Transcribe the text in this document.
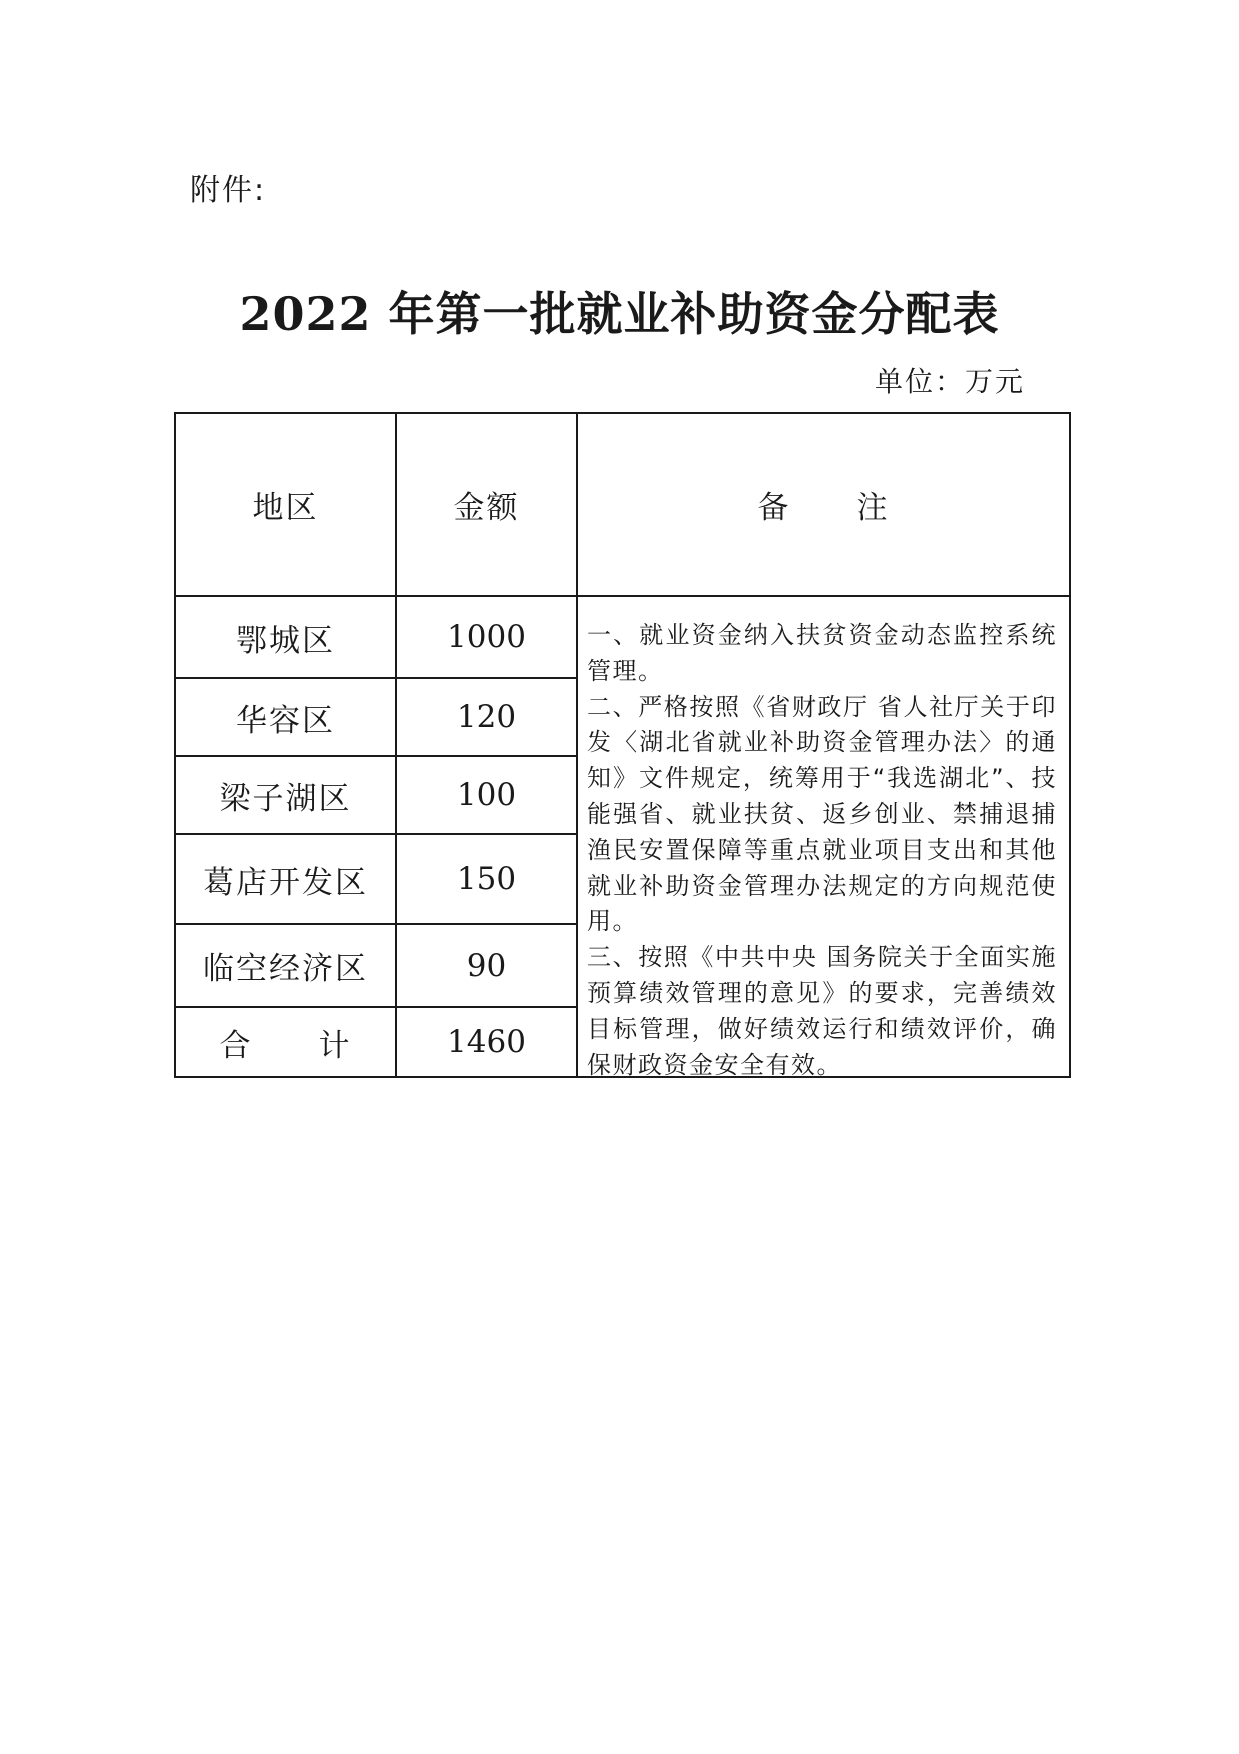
附件:
2022 年第一批就业补助资金分配表
单位：万元
地区	金额	备　　注
鄂城区	1000
华容区	120
梁子湖区	100
葛店开发区	150
临空经济区	90
合　　计	1460

一、就业资金纳入扶贫资金动态监控系统管理。

二、严格按照《省财政厅 省人社厅关于印发〈湖北省就业补助资金管理办法〉的通知》文件规定，统筹用于“我选湖北”、技能强省、就业扶贫、返乡创业、禁捕退捕渔民安置保障等重点就业项目支出和其他就业补助资金管理办法规定的方向规范使用。

三、按照《中共中央 国务院关于全面实施预算绩效管理的意见》的要求，完善绩效目标管理，做好绩效运行和绩效评价，确保财政资金安全有效。
